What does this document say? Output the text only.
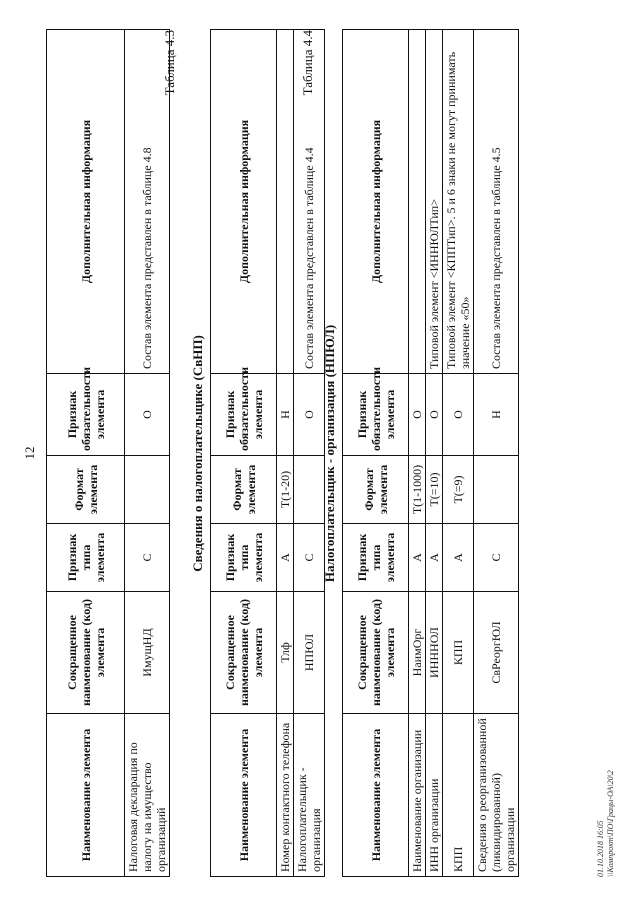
12
Наименование элемента	Сокращенное наименование (код) элемента	Признак типа элемента	Формат элемента	Признак обязательности элемента	Дополнительная информация
Налоговая декларация по налогу на имущество организаций	ИмущНД	С		О	Состав элемента представлен в таблице 4.8
Таблица 4.3
Сведения о налогоплательщике (СвНП)
Наименование элемента	Сокращенное наименование (код) элемента	Признак типа элемента	Формат элемента	Признак обязательности элемента	Дополнительная информация
Номер контактного телефона	Тлф	А	T(1-20)	Н	
Налогоплательщик - организация	НПЮЛ	С		О	Состав элемента представлен в таблице 4.4
Таблица 4.4
Налогоплательщик - организация (НПЮЛ)
Наименование элемента	Сокращенное наименование (код) элемента	Признак типа элемента	Формат элемента	Признак обязательности элемента	Дополнительная информация
Наименование организации	НаимОрг	А	T(1-1000)	О	
ИНН организации	ИНННОЛ	А	T(=10)	О	Типовой элемент <ИННЮЛТип>
КПП	КПП	А	T(=9)	О	Типовой элемент <КППТип>. 5 и 6 знаки не могут принимать значение «50»
Сведения о реорганизованной (ликвидированной) организации	СвРеоргЮЛ	С		Н	Состав элемента представлен в таблице 4.5
01.10.2018 16:05 \\Компрокт\ПО\Грацы-ОА\20\2
